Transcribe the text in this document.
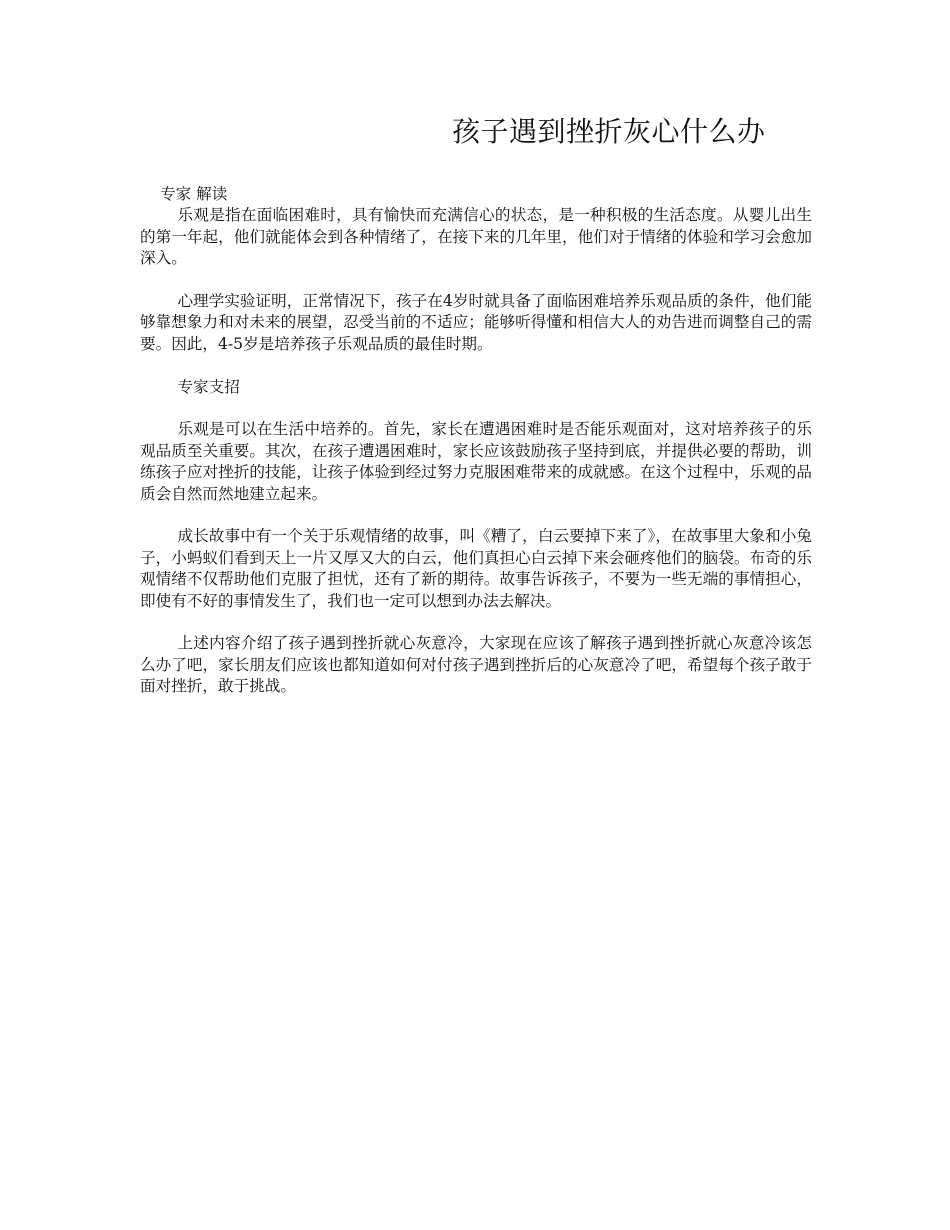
孩子遇到挫折灰心什么办

专家 解读

乐观是指在面临困难时，具有愉快而充满信心的状态，是一种积极的生活态度。从婴儿出生的第一年起，他们就能体会到各种情绪了，在接下来的几年里，他们对于情绪的体验和学习会愈加深入。

心理学实验证明，正常情况下，孩子在4岁时就具备了面临困难培养乐观品质的条件，他们能够靠想象力和对未来的展望，忍受当前的不适应；能够听得懂和相信大人的劝告进而调整自己的需要。因此，4-5岁是培养孩子乐观品质的最佳时期。

专家支招

乐观是可以在生活中培养的。首先，家长在遭遇困难时是否能乐观面对，这对培养孩子的乐观品质至关重要。其次，在孩子遭遇困难时，家长应该鼓励孩子坚持到底，并提供必要的帮助，训练孩子应对挫折的技能，让孩子体验到经过努力克服困难带来的成就感。在这个过程中，乐观的品质会自然而然地建立起来。

成长故事中有一个关于乐观情绪的故事，叫《糟了，白云要掉下来了》，在故事里大象和小兔子，小蚂蚁们看到天上一片又厚又大的白云，他们真担心白云掉下来会砸疼他们的脑袋。布奇的乐观情绪不仅帮助他们克服了担忧，还有了新的期待。故事告诉孩子，不要为一些无端的事情担心，即使有不好的事情发生了，我们也一定可以想到办法去解决。

上述内容介绍了孩子遇到挫折就心灰意冷，大家现在应该了解孩子遇到挫折就心灰意冷该怎么办了吧，家长朋友们应该也都知道如何对付孩子遇到挫折后的心灰意冷了吧，希望每个孩子敢于面对挫折，敢于挑战。
